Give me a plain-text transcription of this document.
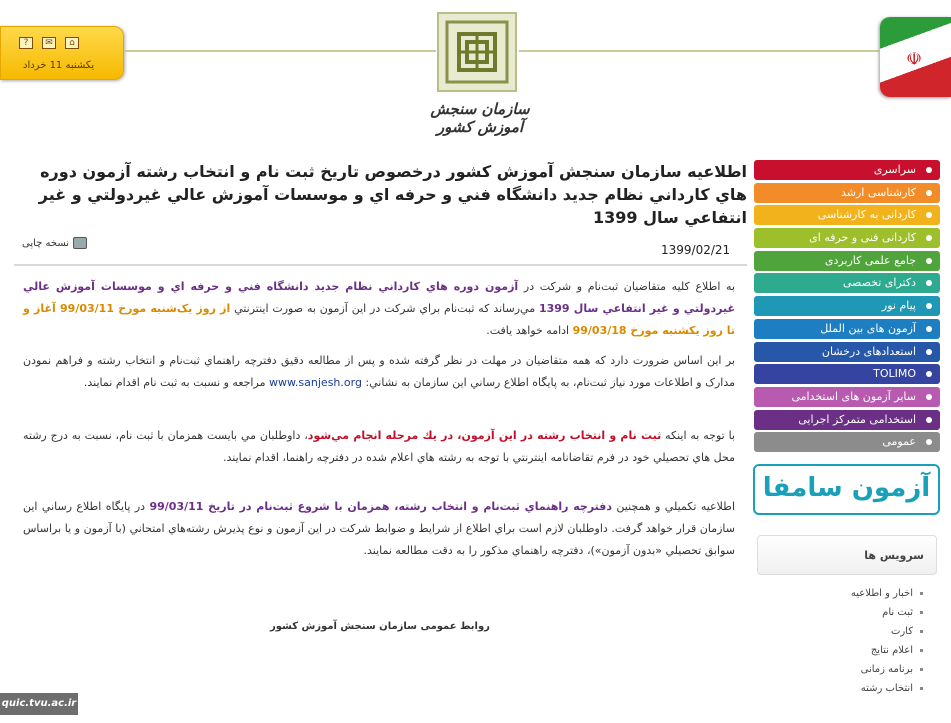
?	✉	⌂
يکشنبه 11 خرداد
سازمان سنجش آموزش کشور
☫
اطلاعيه سازمان سنجش آموزش کشور درخصوص تاريخ ثبت نام و انتخاب رشته آزمون دوره هاي کارداني نظام جديد دانشگاه فني و حرفه اي و موسسات آموزش عالي غيردولتي و غير انتفاعي سال 1399
نسخه چاپی	1399/02/21

به اطلاع کليه متقاضيان ثبت‌نام و شرکت در آزمون دوره هاي کارداني نظام جديد دانشگاه فني و حرفه اي و موسسات آموزش عالي غيردولتي و غير انتفاعي سال 1399 مي‌رساند که ثبت‌نام براي شرکت در اين آزمون به صورت اينترنتي از روز يک‌شنبه مورخ 99/03/11 آغاز و تا روز يکشنبه مورخ 99/03/18 ادامه خواهد يافت.

بر اين اساس ضرورت دارد که همه متقاضيان در مهلت در نظر گرفته شده و پس از مطالعه دقيق دفترچه راهنماي ثبت‌نام و انتخاب رشته و فراهم نمودن مدارک و اطلاعات مورد نياز ثبت‌نام، به پايگاه اطلاع رساني اين سازمان به نشاني: www.sanjesh.org مراجعه و نسبت به ثبت نام اقدام نمايند.

با توجه به اينکه ثبت نام و انتخاب رشته در اين آزمون، در يك مرحله انجام مي‌شود، داوطلبان مي بايست همزمان با ثبت نام، نسبت به درج رشته محل هاي تحصيلي خود در فرم تقاضانامه اينترنتي با توجه به رشته هاي اعلام شده در دفترچه راهنما، اقدام نمايند.

اطلاعيه تکميلي و همچنين دفترچه راهنماي ثبت‌نام و انتخاب رشته، همزمان با شروع ثبت‌نام در تاريخ 99/03/11 در پايگاه اطلاع رساني اين سازمان قرار خواهد گرفت. داوطلبان لازم است براي اطلاع از شرايط و ضوابط شرکت در اين آزمون و نوع پذيرش رشته‌هاي امتحاني (با آزمون و يا براساس سوابق تحصيلي «بدون آزمون»)، دفترچه راهنماي مذکور را به دقت مطالعه نمايند.

روابط عمومی سازمان سنجش آموزش کشور
quic.tvu.ac.ir
سراسری
کارشناسی ارشد
کاردانی به کارشناسی
کاردانی فنی و حرفه ای
جامع علمی کاربردی
دکترای تخصصی
پیام نور
آزمون های بین الملل
استعدادهای درخشان
TOLIMO
سایر آزمون های استخدامی
استخدامی متمرکز اجرایی
عمومی
آزمون سامفا
سرويس ها
اخبار و اطلاعیه
ثبت نام
کارت
اعلام نتایج
برنامه زمانی
انتخاب رشته
